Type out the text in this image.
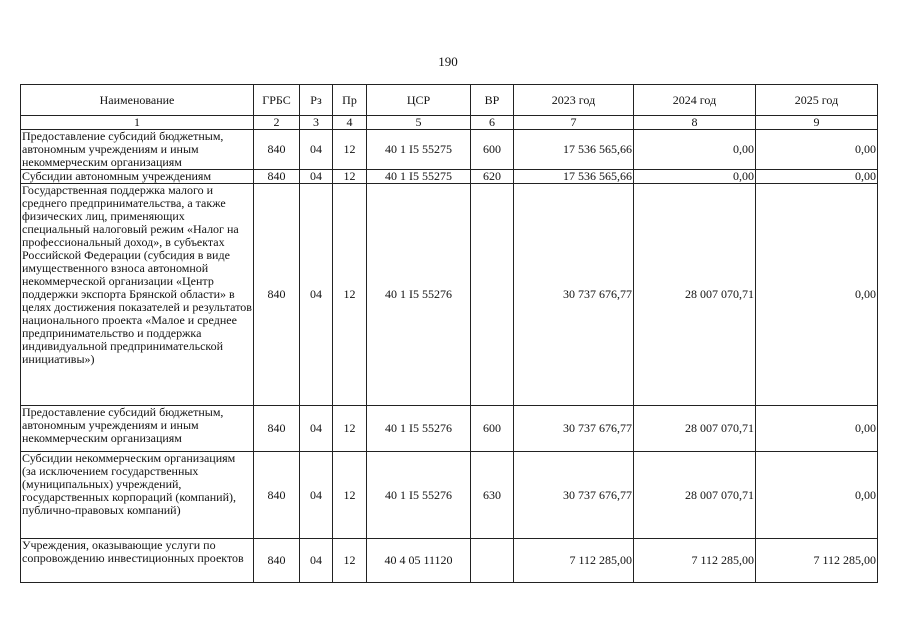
190
Наименование	ГРБС	Рз	Пр	ЦСР	ВР	2023 год	2024 год	2025 год
1	2	3	4	5	6	7	8	9
Предоставление субсидий бюджетным, автономным учреждениям и иным некоммерческим организациям	840	04	12	40 1 I5 55275	600	17 536 565,66	0,00	0,00
Субсидии автономным учреждениям	840	04	12	40 1 I5 55275	620	17 536 565,66	0,00	0,00
Государственная поддержка малого и среднего предпринимательства, а также физических лиц, применяющих специальный налоговый режим «Налог на профессиональный доход», в субъектах Российской Федерации (субсидия в виде имущественного взноса автономной некоммерческой организации «Центр поддержки экспорта Брянской области» в целях достижения показателей и результатов национального проекта «Малое и среднее предпринимательство и поддержка индивидуальной предпринимательской инициативы»)	840	04	12	40 1 I5 55276		30 737 676,77	28 007 070,71	0,00
Предоставление субсидий бюджетным, автономным учреждениям и иным некоммерческим организациям	840	04	12	40 1 I5 55276	600	30 737 676,77	28 007 070,71	0,00
Субсидии некоммерческим организациям (за исключением государственных (муниципальных) учреждений, государственных корпораций (компаний), публично-правовых компаний)	840	04	12	40 1 I5 55276	630	30 737 676,77	28 007 070,71	0,00
Учреждения, оказывающие услуги по сопровождению инвестиционных проектов	840	04	12	40 4 05 11120		7 112 285,00	7 112 285,00	7 112 285,00
